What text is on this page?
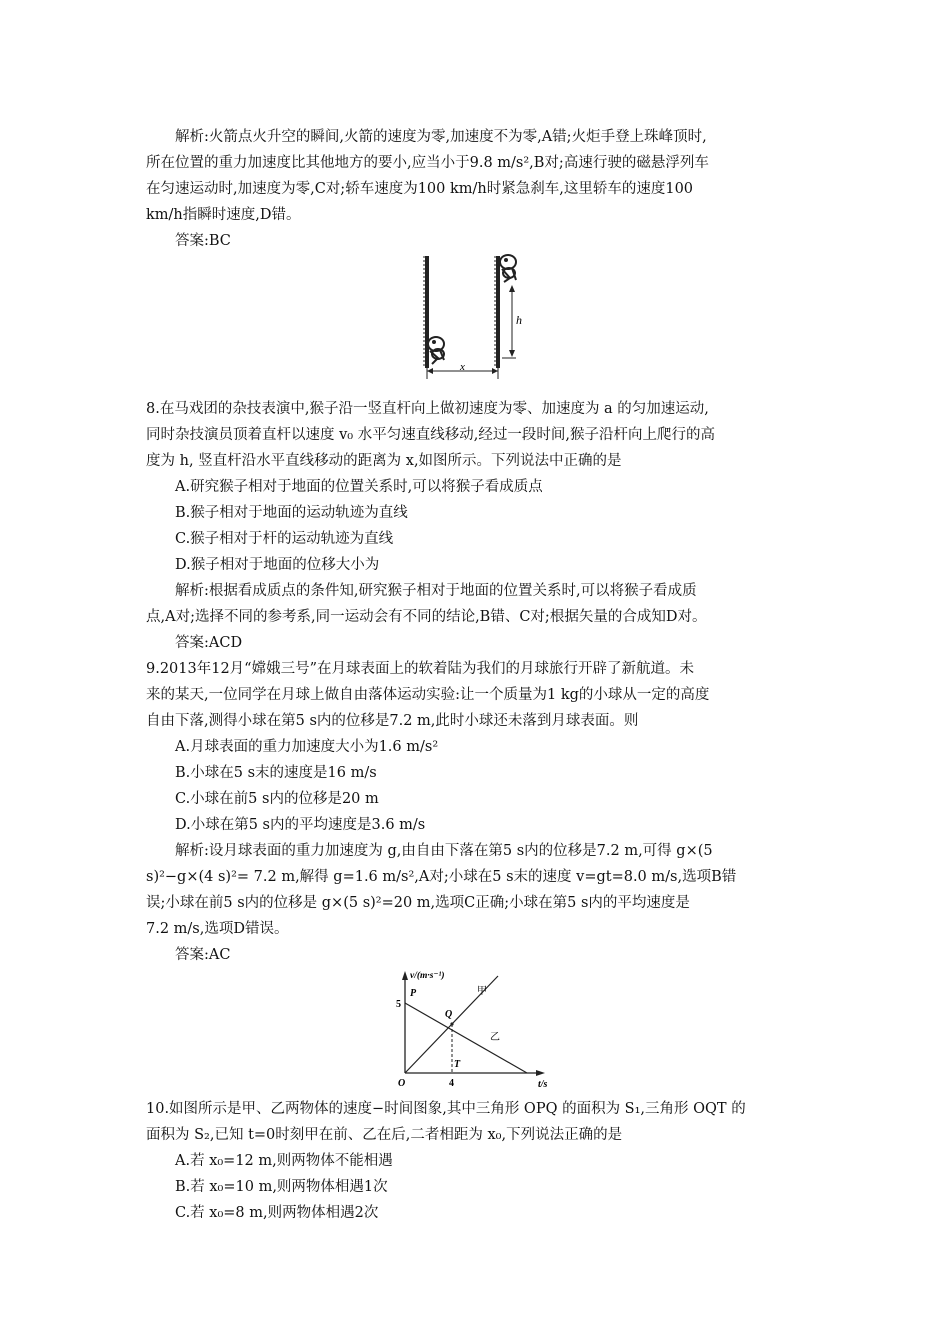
解析:火箭点火升空的瞬间,火箭的速度为零,加速度不为零,A错;火炬手登上珠峰顶时,
所在位置的重力加速度比其他地方的要小,应当小于9.8 m/s²,B对;高速行驶的磁悬浮列车
在匀速运动时,加速度为零,C对;轿车速度为100 km/h时紧急刹车,这里轿车的速度100
km/h指瞬时速度,D错。
答案:BC
h
x
8.在马戏团的杂技表演中,猴子沿一竖直杆向上做初速度为零、加速度为 a 的匀加速运动,
同时杂技演员顶着直杆以速度 v₀ 水平匀速直线移动,经过一段时间,猴子沿杆向上爬行的高
度为 h, 竖直杆沿水平直线移动的距离为 x,如图所示。下列说法中正确的是
A.研究猴子相对于地面的位置关系时,可以将猴子看成质点
B.猴子相对于地面的运动轨迹为直线
C.猴子相对于杆的运动轨迹为直线
D.猴子相对于地面的位移大小为
解析:根据看成质点的条件知,研究猴子相对于地面的位置关系时,可以将猴子看成质
点,A对;选择不同的参考系,同一运动会有不同的结论,B错、C对;根据矢量的合成知D对。
答案:ACD
9.2013年12月“嫦娥三号”在月球表面上的软着陆为我们的月球旅行开辟了新航道。未
来的某天,一位同学在月球上做自由落体运动实验:让一个质量为1 kg的小球从一定的高度
自由下落,测得小球在第5 s内的位移是7.2 m,此时小球还未落到月球表面。则
A.月球表面的重力加速度大小为1.6 m/s²
B.小球在5 s末的速度是16 m/s
C.小球在前5 s内的位移是20 m
D.小球在第5 s内的平均速度是3.6 m/s
解析:设月球表面的重力加速度为 g,由自由下落在第5 s内的位移是7.2 m,可得 g×(5
s)²−g×(4 s)²= 7.2 m,解得 g=1.6 m/s²,A对;小球在5 s末的速度 v=gt=8.0 m/s,选项B错
误;小球在前5 s内的位移是 g×(5 s)²=20 m,选项C正确;小球在第5 s内的平均速度是
7.2 m/s,选项D错误。
答案:AC
v/(m·s⁻¹)
t/s
P
5
Q
甲
乙
T
O	4
10.如图所示是甲、乙两物体的速度−时间图象,其中三角形 OPQ 的面积为 S₁,三角形 OQT 的
面积为 S₂,已知 t=0时刻甲在前、乙在后,二者相距为 x₀,下列说法正确的是
A.若 x₀=12 m,则两物体不能相遇
B.若 x₀=10 m,则两物体相遇1次
C.若 x₀=8 m,则两物体相遇2次
